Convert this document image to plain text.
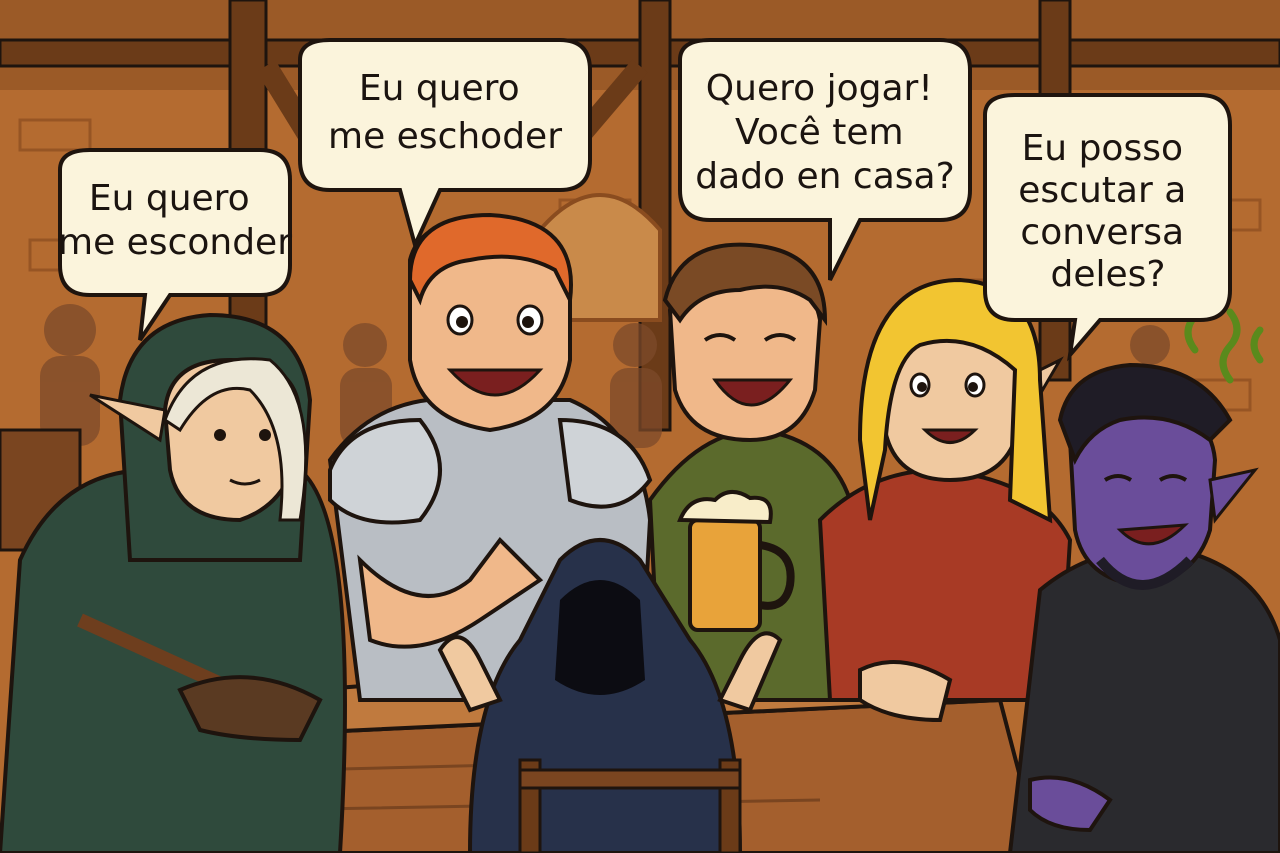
Eu quero me esconder
Eu quero me eschoder
Quero jogar! Você tem dado en casa?
Eu posso escutar a conversa deles?
